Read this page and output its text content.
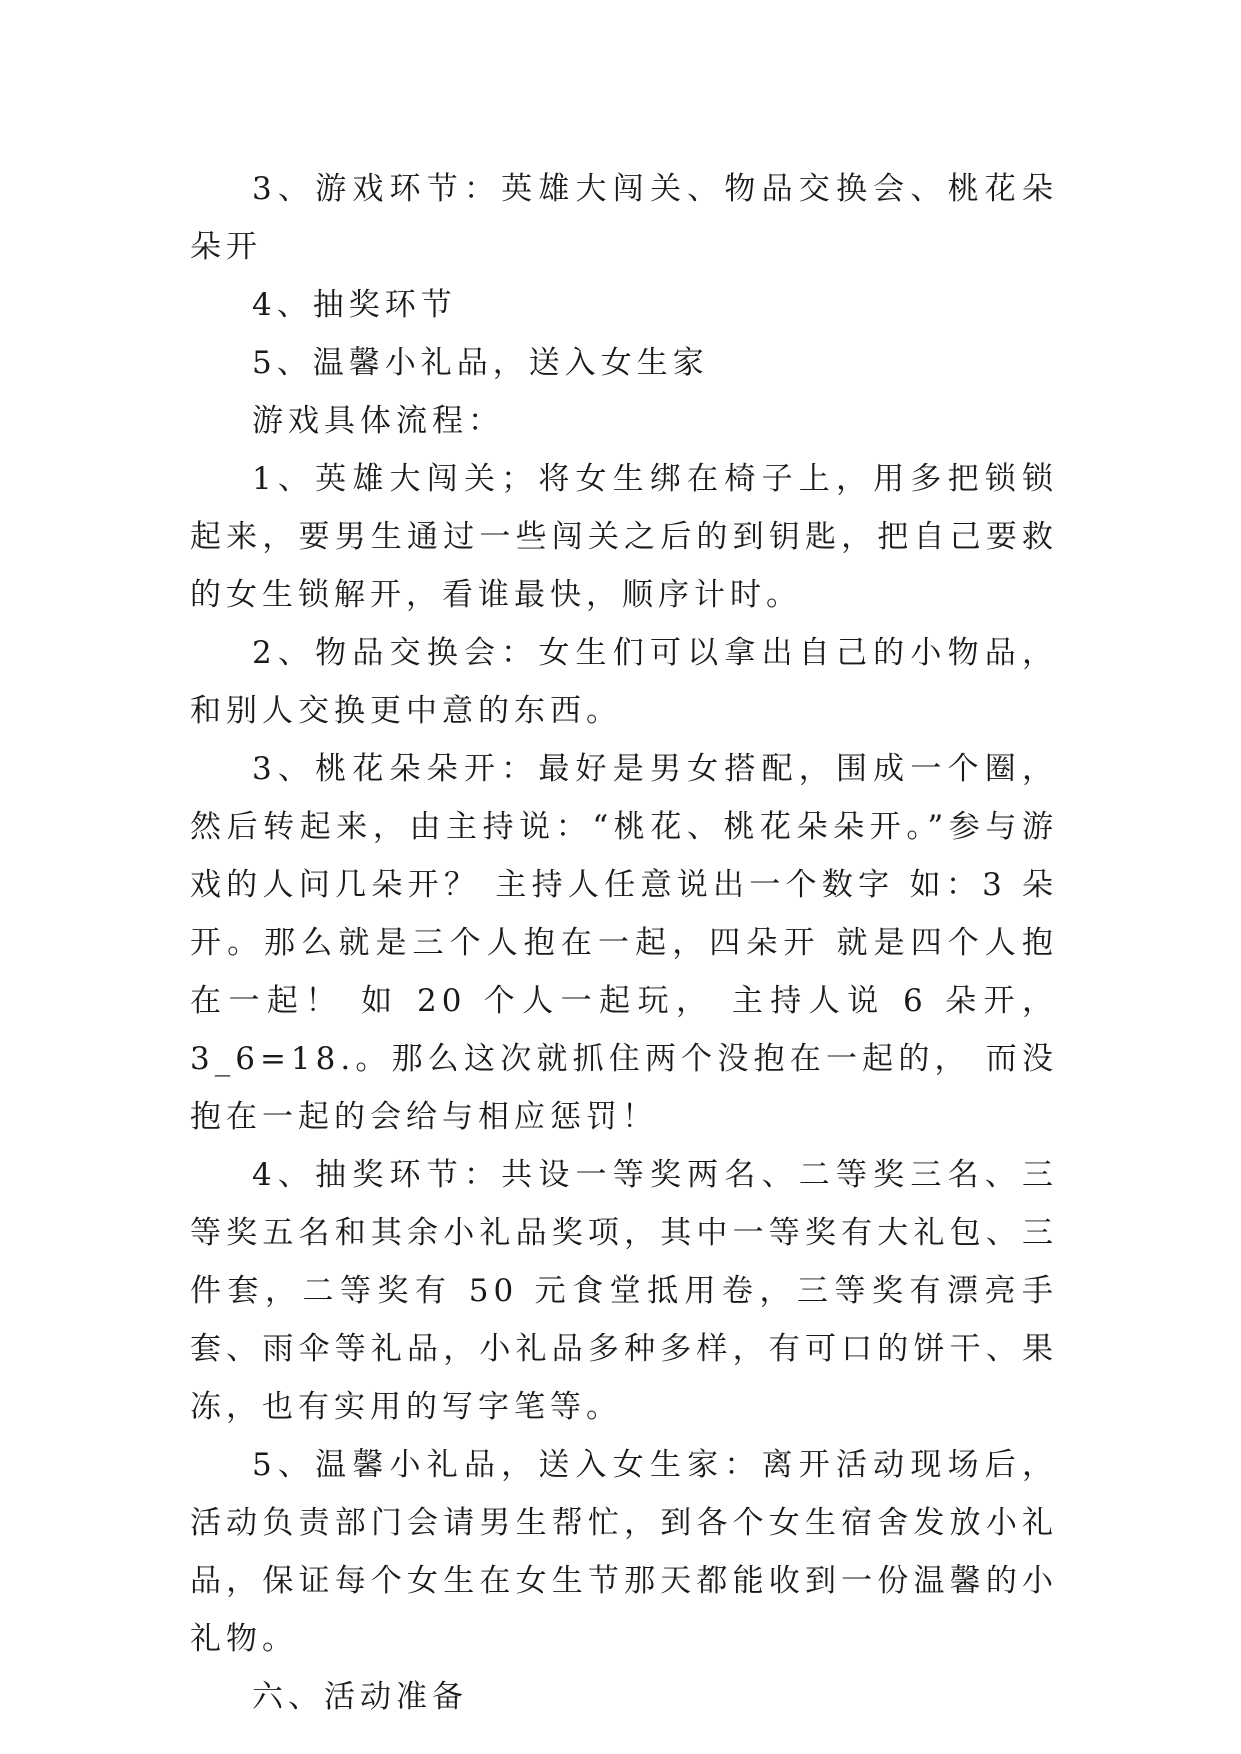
3、游戏环节：英雄大闯关、物品交换会、桃花朵朵开

4、抽奖环节

5、温馨小礼品，送入女生家

游戏具体流程：

1、英雄大闯关；将女生绑在椅子上，用多把锁锁起来，要男生通过一些闯关之后的到钥匙，把自己要救的女生锁解开，看谁最快，顺序计时。

2、物品交换会：女生们可以拿出自己的小物品，和别人交换更中意的东西。

3、桃花朵朵开：最好是男女搭配，围成一个圈，然后转起来，由主持说：“桃花、桃花朵朵开。”参与游戏的人问几朵开？ 主持人任意说出一个数字 如：3 朵开。那么就是三个人抱在一起，四朵开 就是四个人抱在一起！ 如 20 个人一起玩， 主持人说 6 朵开，3_6=18.。那么这次就抓住两个没抱在一起的， 而没抱在一起的会给与相应惩罚！

4、抽奖环节：共设一等奖两名、二等奖三名、三等奖五名和其余小礼品奖项，其中一等奖有大礼包、三件套，二等奖有 50 元食堂抵用卷，三等奖有漂亮手套、雨伞等礼品，小礼品多种多样，有可口的饼干、果冻，也有实用的写字笔等。

5、温馨小礼品，送入女生家：离开活动现场后，活动负责部门会请男生帮忙，到各个女生宿舍发放小礼品，保证每个女生在女生节那天都能收到一份温馨的小礼物。

六、活动准备
